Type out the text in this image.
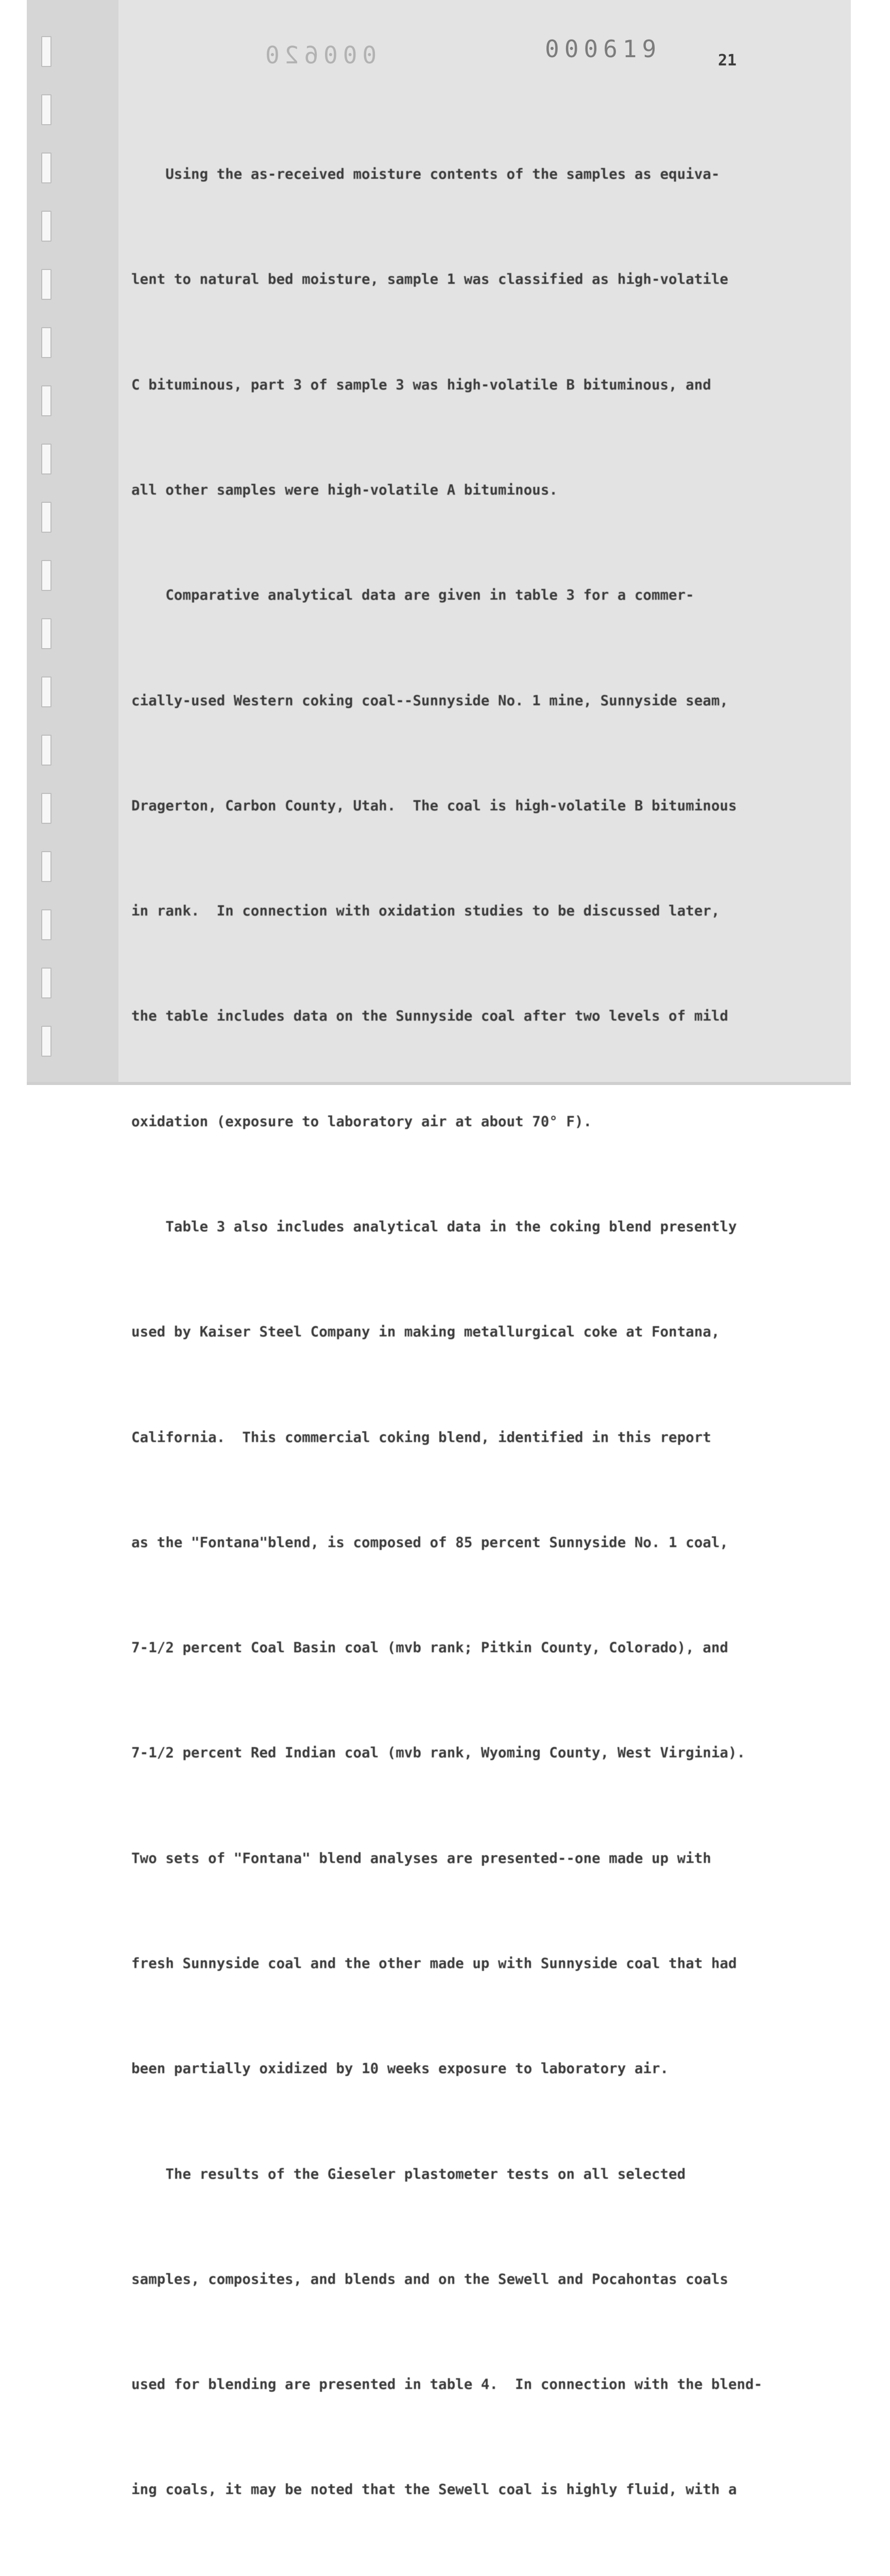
000620	000619	21

Using the as-received moisture contents of the samples as equiva-

lent to natural bed moisture, sample 1 was classified as high-volatile

C bituminous, part 3 of sample 3 was high-volatile B bituminous, and

all other samples were high-volatile A bituminous.

Comparative analytical data are given in table 3 for a commer-

cially-used Western coking coal--Sunnyside No. 1 mine, Sunnyside seam,

Dragerton, Carbon County, Utah.  The coal is high-volatile B bituminous

in rank.  In connection with oxidation studies to be discussed later,

the table includes data on the Sunnyside coal after two levels of mild

oxidation (exposure to laboratory air at about 70° F).

Table 3 also includes analytical data in the coking blend presently

used by Kaiser Steel Company in making metallurgical coke at Fontana,

California.  This commercial coking blend, identified in this report

as the "Fontana"blend, is composed of 85 percent Sunnyside No. 1 coal,

7-1/2 percent Coal Basin coal (mvb rank; Pitkin County, Colorado), and

7-1/2 percent Red Indian coal (mvb rank, Wyoming County, West Virginia).

Two sets of "Fontana" blend analyses are presented--one made up with

fresh Sunnyside coal and the other made up with Sunnyside coal that had

been partially oxidized by 10 weeks exposure to laboratory air.

The results of the Gieseler plastometer tests on all selected

samples, composites, and blends and on the Sewell and Pocahontas coals

used for blending are presented in table 4.  In connection with the blend-

ing coals, it may be noted that the Sewell coal is highly fluid, with a
